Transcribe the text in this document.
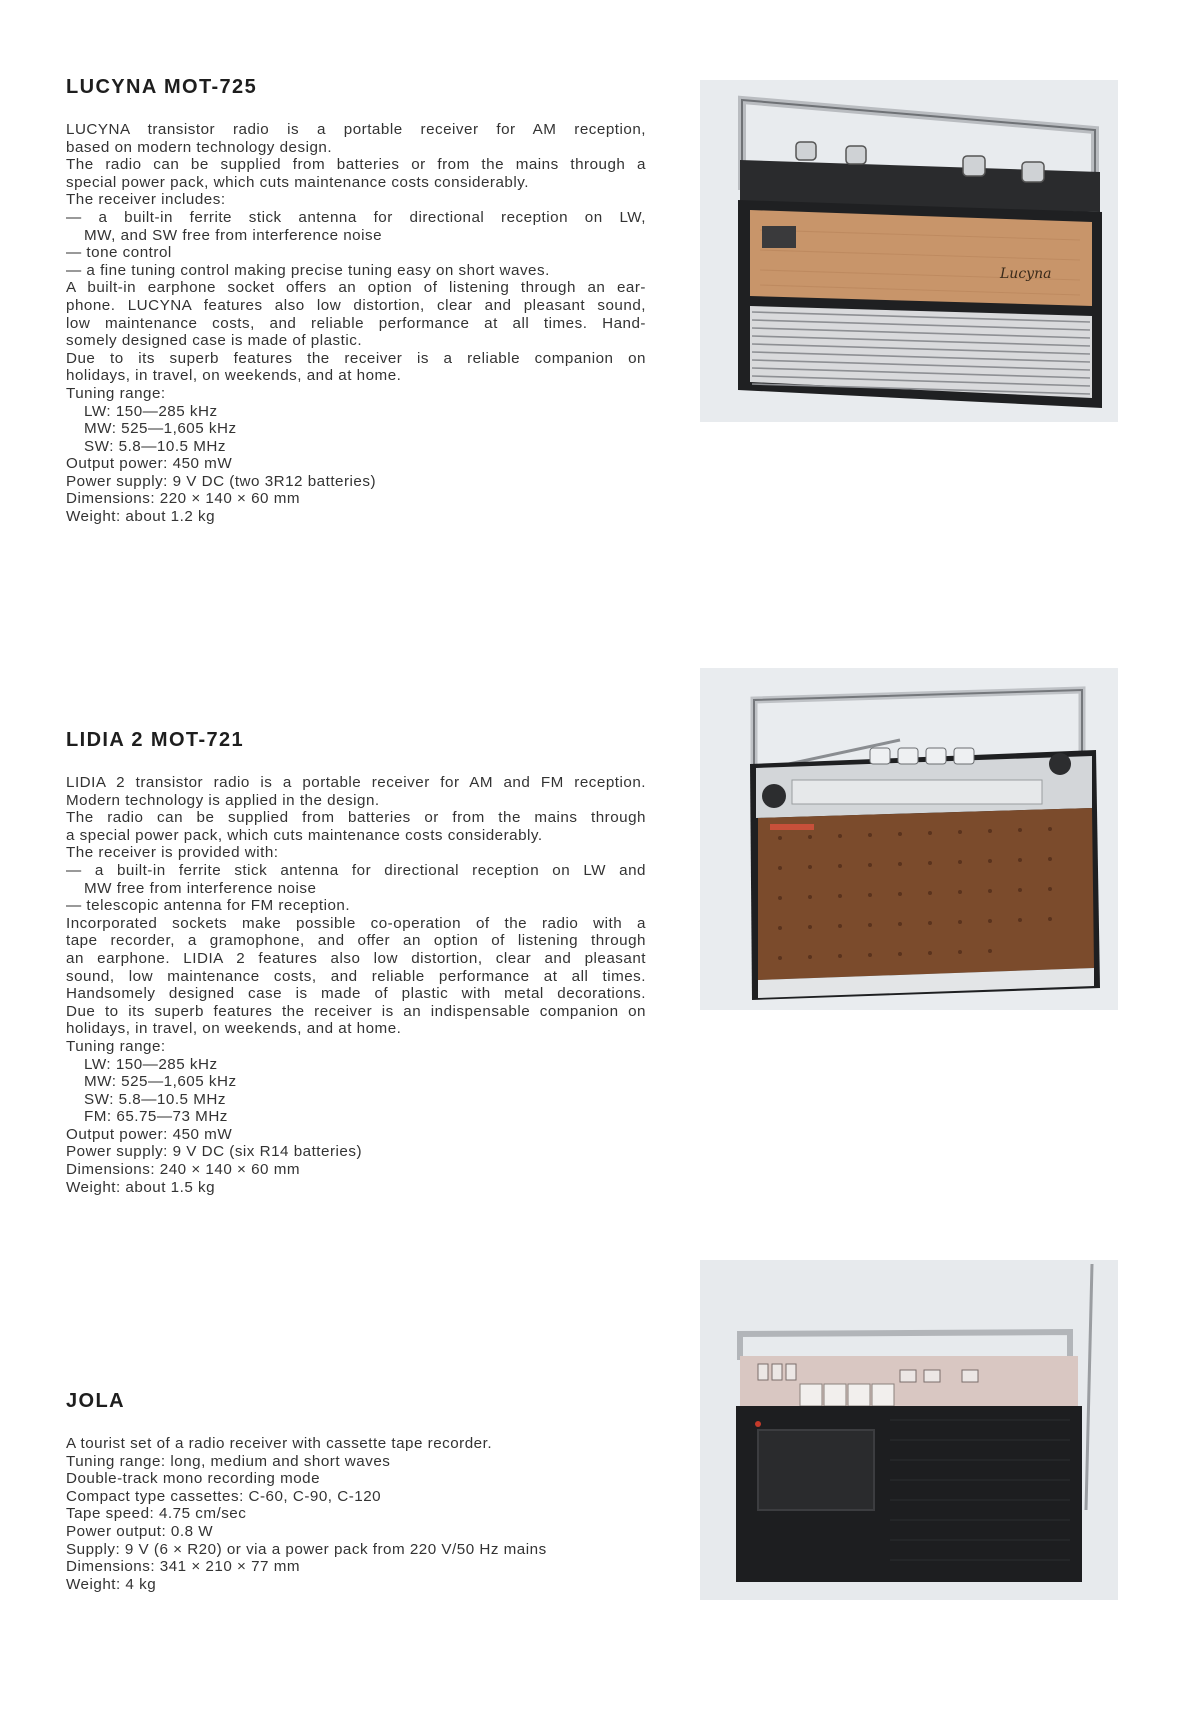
LUCYNA MOT-725

LUCYNA transistor radio is a portable receiver for AM reception,

based on modern technology design.

The radio can be supplied from batteries or from the mains through a

special power pack, which cuts maintenance costs considerably.

The receiver includes:

— a built-in ferrite stick antenna for directional reception on LW,

MW, and SW free from interference noise

— tone control

— a fine tuning control making precise tuning easy on short waves.

A built-in earphone socket offers an option of listening through an ear-

phone. LUCYNA features also low distortion, clear and pleasant sound,

low maintenance costs, and reliable performance at all times. Hand-

somely designed case is made of plastic.

Due to its superb features the receiver is a reliable companion on

holidays, in travel, on weekends, and at home.

Tuning range:

LW: 150—285 kHz

MW: 525—1,605 kHz

SW: 5.8—10.5 MHz

Output power: 450 mW

Power supply: 9 V DC (two 3R12 batteries)

Dimensions: 220 × 140 × 60 mm

Weight: about 1.2 kg

Lucyna
LIDIA 2 MOT-721

LIDIA 2 transistor radio is a portable receiver for AM and FM reception.

Modern technology is applied in the design.

The radio can be supplied from batteries or from the mains through

a special power pack, which cuts maintenance costs considerably.

The receiver is provided with:

— a built-in ferrite stick antenna for directional reception on LW and

MW free from interference noise

— telescopic antenna for FM reception.

Incorporated sockets make possible co-operation of the radio with a

tape recorder, a gramophone, and offer an option of listening through

an earphone. LIDIA 2 features also low distortion, clear and pleasant

sound, low maintenance costs, and reliable performance at all times.

Handsomely designed case is made of plastic with metal decorations.

Due to its superb features the receiver is an indispensable companion on

holidays, in travel, on weekends, and at home.

Tuning range:

LW: 150—285 kHz

MW: 525—1,605 kHz

SW: 5.8—10.5 MHz

FM: 65.75—73 MHz

Output power: 450 mW

Power supply: 9 V DC (six R14 batteries)

Dimensions: 240 × 140 × 60 mm

Weight: about 1.5 kg

JOLA

A tourist set of a radio receiver with cassette tape recorder.

Tuning range: long, medium and short waves

Double-track mono recording mode

Compact type cassettes: C-60, C-90, C-120

Tape speed: 4.75 cm/sec

Power output: 0.8 W

Supply: 9 V (6 × R20) or via a power pack from 220 V/50 Hz mains

Dimensions: 341 × 210 × 77 mm

Weight: 4 kg
